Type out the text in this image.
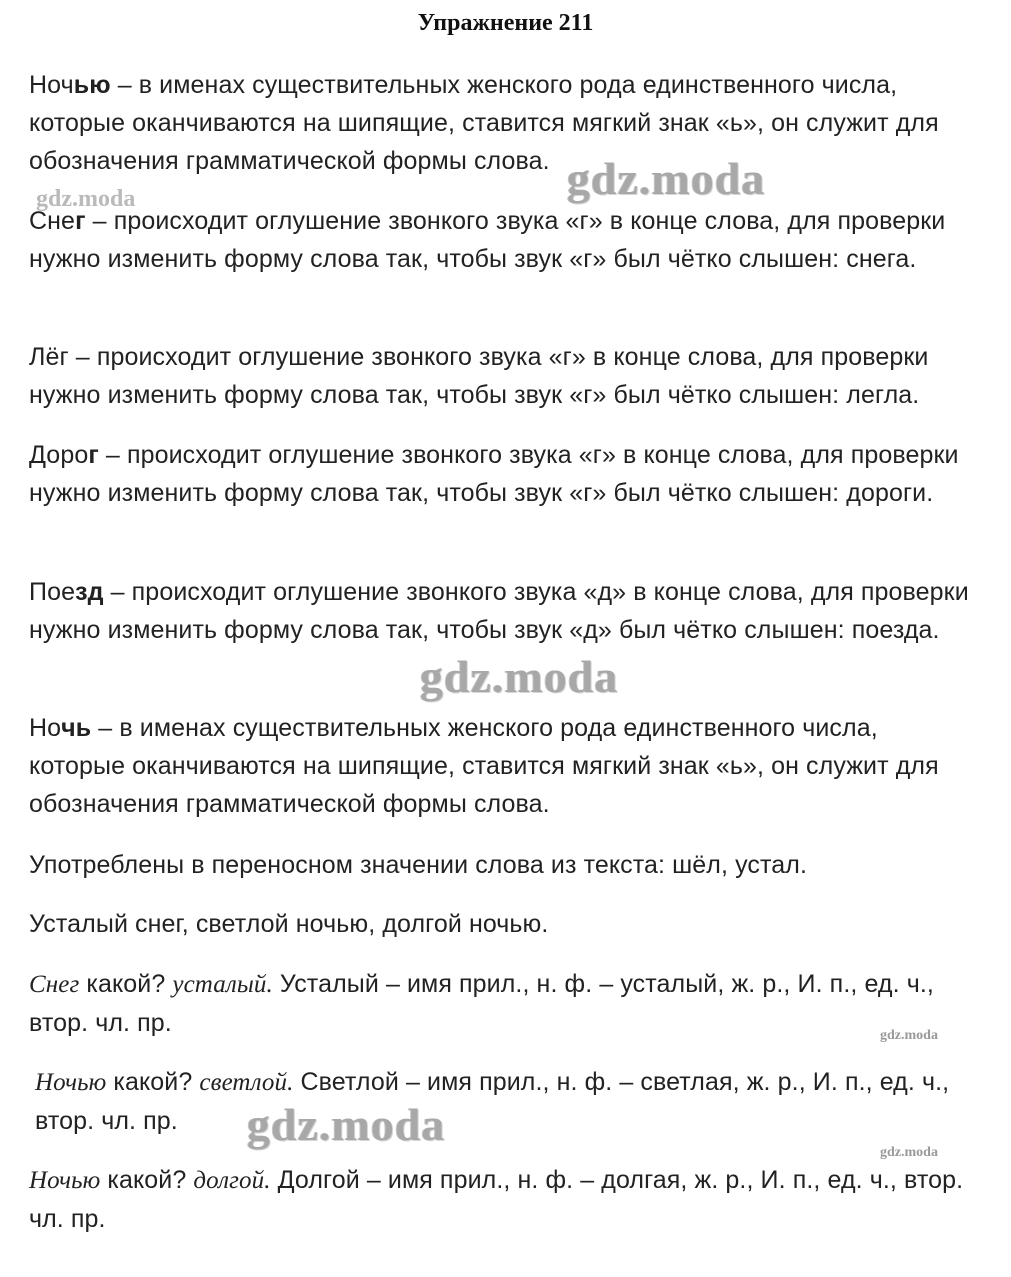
Упражнение 211
Ночью – в именах существительных женского рода единственного числа, которые оканчиваются на шипящие, ставится мягкий знак «ь», он служит для обозначения грамматической формы слова.
Снег – происходит оглушение звонкого звука «г» в конце слова, для проверки нужно изменить форму слова так, чтобы звук «г» был чётко слышен: снега.
Лёг – происходит оглушение звонкого звука «г» в конце слова, для проверки нужно изменить форму слова так, чтобы звук «г» был чётко слышен: легла.
Дорог – происходит оглушение звонкого звука «г» в конце слова, для проверки нужно изменить форму слова так, чтобы звук «г» был чётко слышен: дороги.
Поезд – происходит оглушение звонкого звука «д» в конце слова, для проверки нужно изменить форму слова так, чтобы звук «д» был чётко слышен: поезда.
Ночь – в именах существительных женского рода единственного числа, которые оканчиваются на шипящие, ставится мягкий знак «ь», он служит для обозначения грамматической формы слова.
Употреблены в переносном значении слова из текста: шёл, устал.
Усталый снег, светлой ночью, долгой ночью.
Снег какой? усталый. Усталый – имя прил., н. ф. – усталый, ж. р., И. п., ед. ч., втор. чл. пр.
Ночью какой? светлой. Светлой – имя прил., н. ф. – светлая, ж. р., И. п., ед. ч., втор. чл. пр.
Ночью какой? долгой. Долгой – имя прил., н. ф. – долгая, ж. р., И. п., ед. ч., втор. чл. пр.
gdz.moda
gdz.moda
gdz.moda
gdz.moda
gdz.moda
gdz.moda
